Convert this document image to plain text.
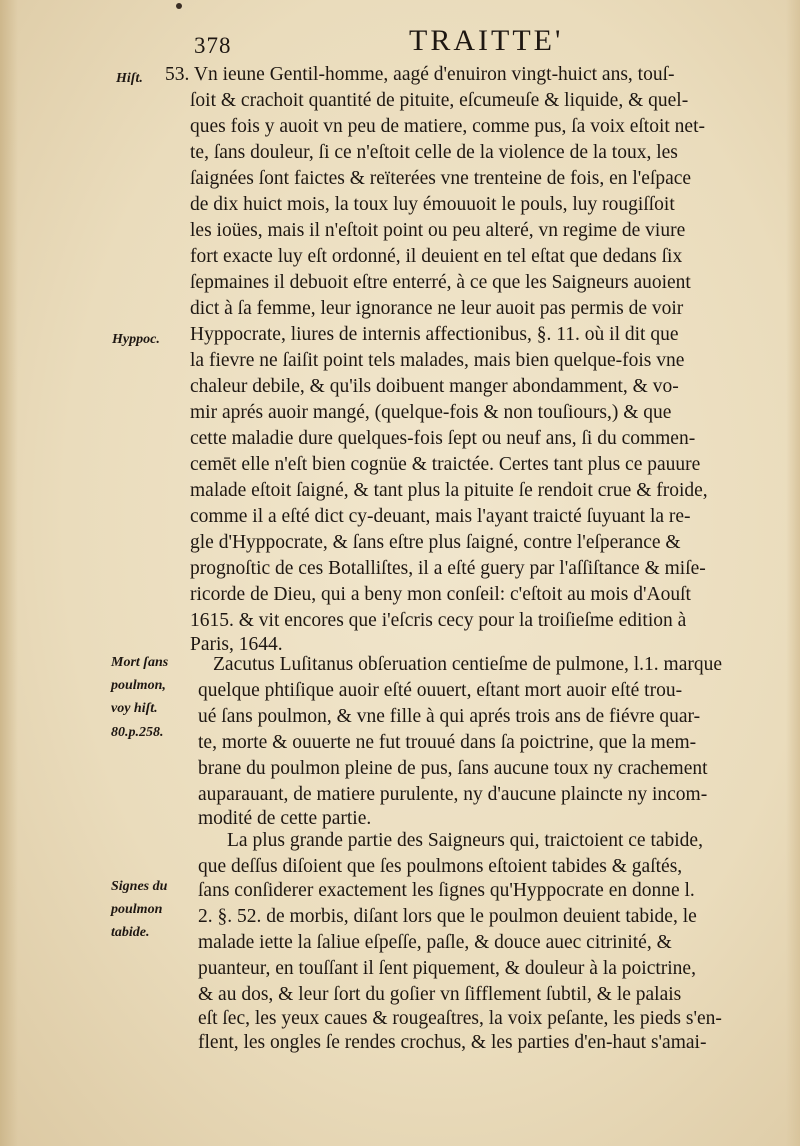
378	TRAITTE'
Hiſt.
Hyppoc.
Mort ſans
poulmon,
voy hiſt.
80.p.258.
Signes du
poulmon
tabide.
53. Vn ieune Gentil-homme, aagé d'enuiron vingt-huict ans, touſ-
ſoit & crachoit quantité de pituite, eſcumeuſe & liquide, & quel-
ques fois y auoit vn peu de matiere, comme pus, ſa voix eſtoit net-
te, ſans douleur, ſi ce n'eſtoit celle de la violence de la toux, les
ſaignées ſont faictes & reïterées vne trenteine de fois, en l'eſpace
de dix huict mois, la toux luy émouuoit le pouls, luy rougiſſoit
les ioües, mais il n'eſtoit point ou peu alteré, vn regime de viure
fort exacte luy eſt ordonné, il deuient en tel eſtat que dedans ſix
ſepmaines il debuoit eſtre enterré, à ce que les Saigneurs auoient
dict à ſa femme, leur ignorance ne leur auoit pas permis de voir
Hyppocrate, liures de internis affectionibus, §. 11. où il dit que
la fievre ne ſaiſit point tels malades, mais bien quelque-fois vne
chaleur debile, & qu'ils doibuent manger abondamment, & vo-
mir aprés auoir mangé, (quelque-fois & non touſiours,) & que
cette maladie dure quelques-fois ſept ou neuf ans, ſi du commen-
cemēt elle n'eſt bien cognüe & traictée. Certes tant plus ce pauure
malade eſtoit ſaigné, & tant plus la pituite ſe rendoit crue & froide,
comme il a eſté dict cy-deuant, mais l'ayant traicté ſuyuant la re-
gle d'Hyppocrate, & ſans eſtre plus ſaigné, contre l'eſperance &
prognoſtic de ces Botalliſtes, il a eſté guery par l'aſſiſtance & miſe-
ricorde de Dieu, qui a beny mon conſeil: c'eſtoit au mois d'Aouſt
1615. & vit encores que i'eſcris cecy pour la troiſieſme edition à
Paris, 1644.
Zacutus Luſitanus obſeruation centieſme de pulmone, l.1. marque
quelque phtiſique auoir eſté ouuert, eſtant mort auoir eſté trou-
ué ſans poulmon, & vne fille à qui aprés trois ans de fiévre quar-
te, morte & ouuerte ne fut trouué dans ſa poictrine, que la mem-
brane du poulmon pleine de pus, ſans aucune toux ny crachement
auparauant, de matiere purulente, ny d'aucune plaincte ny incom-
modité de cette partie.
La plus grande partie des Saigneurs qui, traictoient ce tabide,
que deſſus diſoient que ſes poulmons eſtoient tabides & gaſtés,
ſans conſiderer exactement les ſignes qu'Hyppocrate en donne l.
2. §. 52. de morbis, diſant lors que le poulmon deuient tabide, le
malade iette la ſaliue eſpeſſe, paſle, & douce auec citrinité, &
puanteur, en touſſant il ſent piquement, & douleur à la poictrine,
& au dos, & leur ſort du goſier vn ſifflement ſubtil, & le palais
eſt ſec, les yeux caues & rougeaſtres, la voix peſante, les pieds s'en-
flent, les ongles ſe rendes crochus, & les parties d'en-haut s'amai-
